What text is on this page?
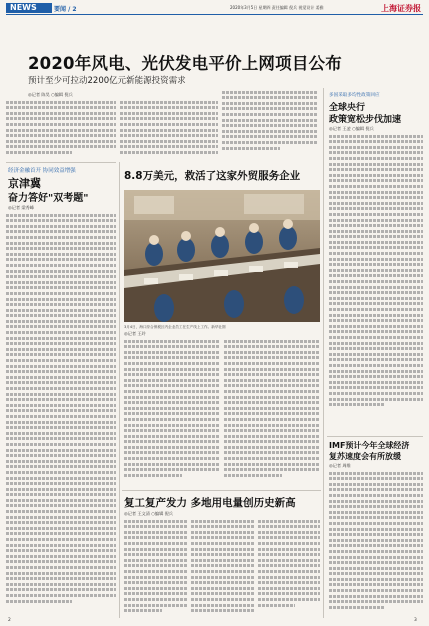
NEWS	要闻 / 2	2020年3月5日 星期四 责任编辑 倪兵 视觉设计 姜雅	上海证券报
2020年风电、光伏发电平价上网项目公布
预计至少可拉动2200亿元新能源投资需求
◎记者 陈昊 ○编辑 倪兵	多国采取多均性政策回应
全球央行
政策宽松步伐加速
◎记者 王凌 ○编辑 倪兵
IMF预计今年全球经济
复苏速度会有所放缓
◎记者 周维
经济金融首开 协同效益增强
京津冀
奋力答好"双考题"
◎记者 梁秀峰
8.8万美元，救活了这家外贸服务企业
3月4日，海口综合保税区内企业员工在生产线上工作。新华社图
◎记者 王玲
复工复产发力 多地用电量创历史新高
◎记者 王文清 ○编辑 倪兵
2	3
